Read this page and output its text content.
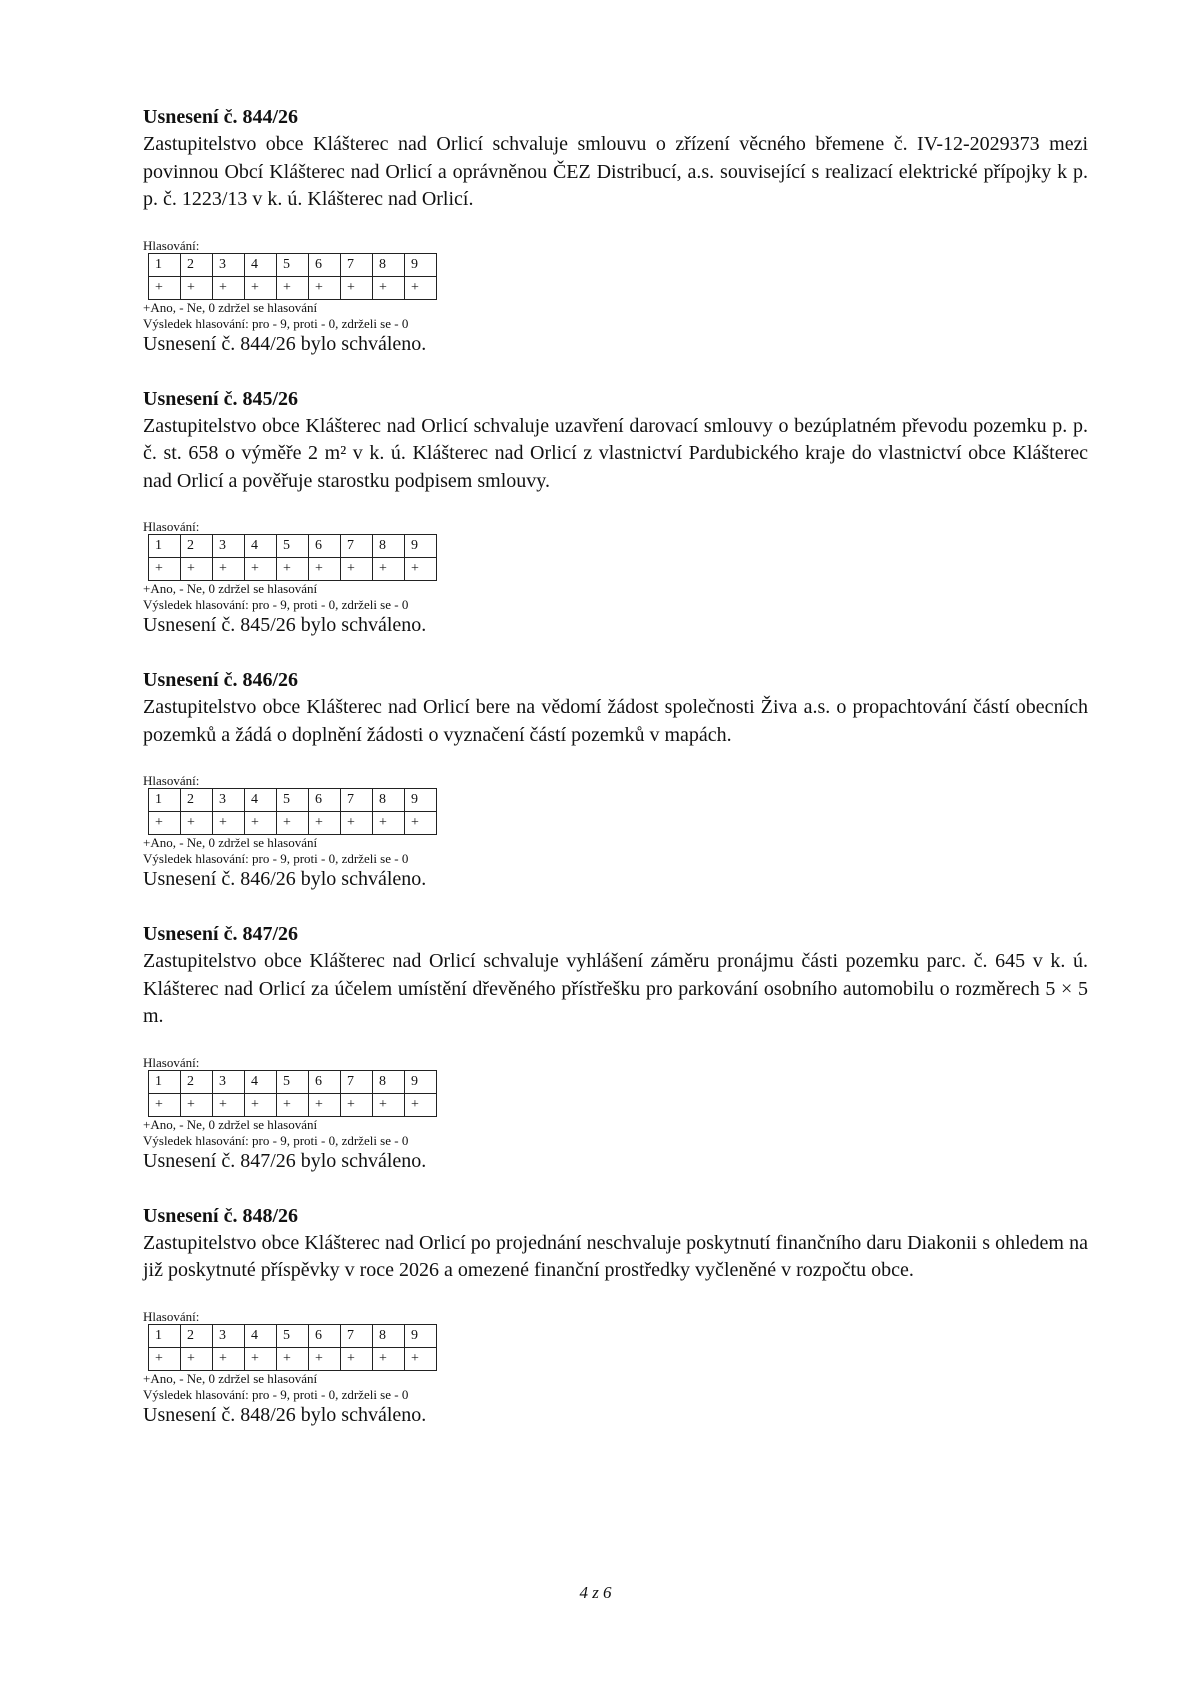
Usnesení č. 844/26

Zastupitelstvo obce Klášterec nad Orlicí schvaluje smlouvu o zřízení věcného břemene č. IV-12-2029373 mezi povinnou Obcí Klášterec nad Orlicí a oprávněnou ČEZ Distribucí, a.s. související s realizací elektrické přípojky k p. p. č. 1223/13 v k. ú. Klášterec nad Orlicí.

Hlasování:

1	2	3	4	5	6	7	8	9
+	+	+	+	+	+	+	+	+

+Ano, - Ne, 0 zdržel se hlasování

Výsledek hlasování: pro - 9, proti - 0, zdrželi se - 0

Usnesení č. 844/26 bylo schváleno.

Usnesení č. 845/26

Zastupitelstvo obce Klášterec nad Orlicí schvaluje uzavření darovací smlouvy o bezúplatném převodu pozemku p. p. č. st. 658 o výměře 2 m² v k. ú. Klášterec nad Orlicí z vlastnictví Pardubického kraje do vlastnictví obce Klášterec nad Orlicí a pověřuje starostku podpisem smlouvy.

Hlasování:

1	2	3	4	5	6	7	8	9
+	+	+	+	+	+	+	+	+

+Ano, - Ne, 0 zdržel se hlasování

Výsledek hlasování: pro - 9, proti - 0, zdrželi se - 0

Usnesení č. 845/26 bylo schváleno.

Usnesení č. 846/26

Zastupitelstvo obce Klášterec nad Orlicí bere na vědomí žádost společnosti Živa a.s. o propachtování částí obecních pozemků a žádá o doplnění žádosti o vyznačení částí pozemků v mapách.

Hlasování:

1	2	3	4	5	6	7	8	9
+	+	+	+	+	+	+	+	+

+Ano, - Ne, 0 zdržel se hlasování

Výsledek hlasování: pro - 9, proti - 0, zdrželi se - 0

Usnesení č. 846/26 bylo schváleno.

Usnesení č. 847/26

Zastupitelstvo obce Klášterec nad Orlicí schvaluje vyhlášení záměru pronájmu části pozemku parc. č. 645 v k. ú. Klášterec nad Orlicí za účelem umístění dřevěného přístřešku pro parkování osobního automobilu o rozměrech 5 × 5 m.

Hlasování:

1	2	3	4	5	6	7	8	9
+	+	+	+	+	+	+	+	+

+Ano, - Ne, 0 zdržel se hlasování

Výsledek hlasování: pro - 9, proti - 0, zdrželi se - 0

Usnesení č. 847/26 bylo schváleno.

Usnesení č. 848/26

Zastupitelstvo obce Klášterec nad Orlicí po projednání neschvaluje poskytnutí finančního daru Diakonii s ohledem na již poskytnuté příspěvky v roce 2026 a omezené finanční prostředky vyčleněné v rozpočtu obce.

Hlasování:

1	2	3	4	5	6	7	8	9
+	+	+	+	+	+	+	+	+

+Ano, - Ne, 0 zdržel se hlasování

Výsledek hlasování: pro - 9, proti - 0, zdrželi se - 0

Usnesení č. 848/26 bylo schváleno.

4 z 6
